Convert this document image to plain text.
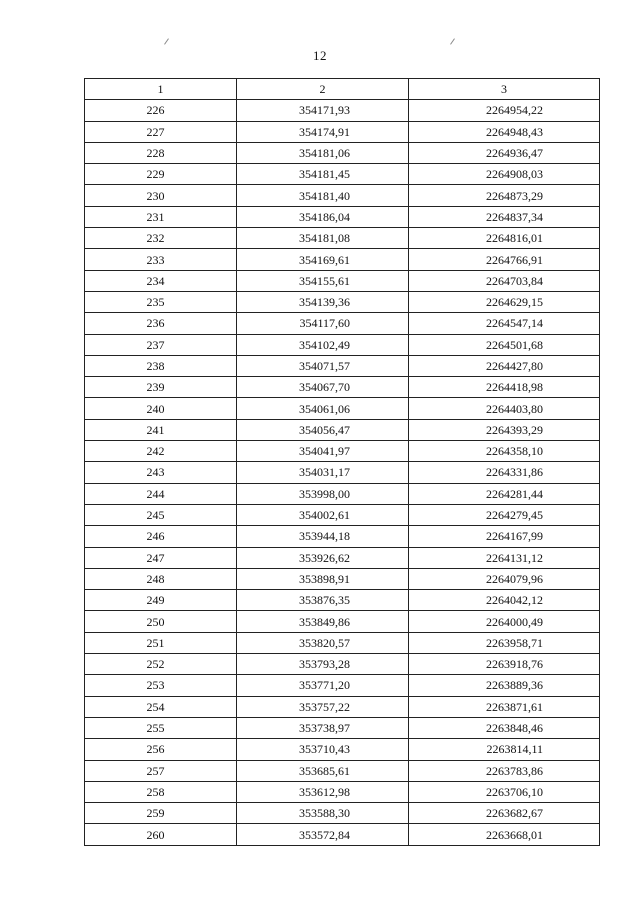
12
1	2	3
226	354171,93	2264954,22
227	354174,91	2264948,43
228	354181,06	2264936,47
229	354181,45	2264908,03
230	354181,40	2264873,29
231	354186,04	2264837,34
232	354181,08	2264816,01
233	354169,61	2264766,91
234	354155,61	2264703,84
235	354139,36	2264629,15
236	354117,60	2264547,14
237	354102,49	2264501,68
238	354071,57	2264427,80
239	354067,70	2264418,98
240	354061,06	2264403,80
241	354056,47	2264393,29
242	354041,97	2264358,10
243	354031,17	2264331,86
244	353998,00	2264281,44
245	354002,61	2264279,45
246	353944,18	2264167,99
247	353926,62	2264131,12
248	353898,91	2264079,96
249	353876,35	2264042,12
250	353849,86	2264000,49
251	353820,57	2263958,71
252	353793,28	2263918,76
253	353771,20	2263889,36
254	353757,22	2263871,61
255	353738,97	2263848,46
256	353710,43	2263814,11
257	353685,61	2263783,86
258	353612,98	2263706,10
259	353588,30	2263682,67
260	353572,84	2263668,01
